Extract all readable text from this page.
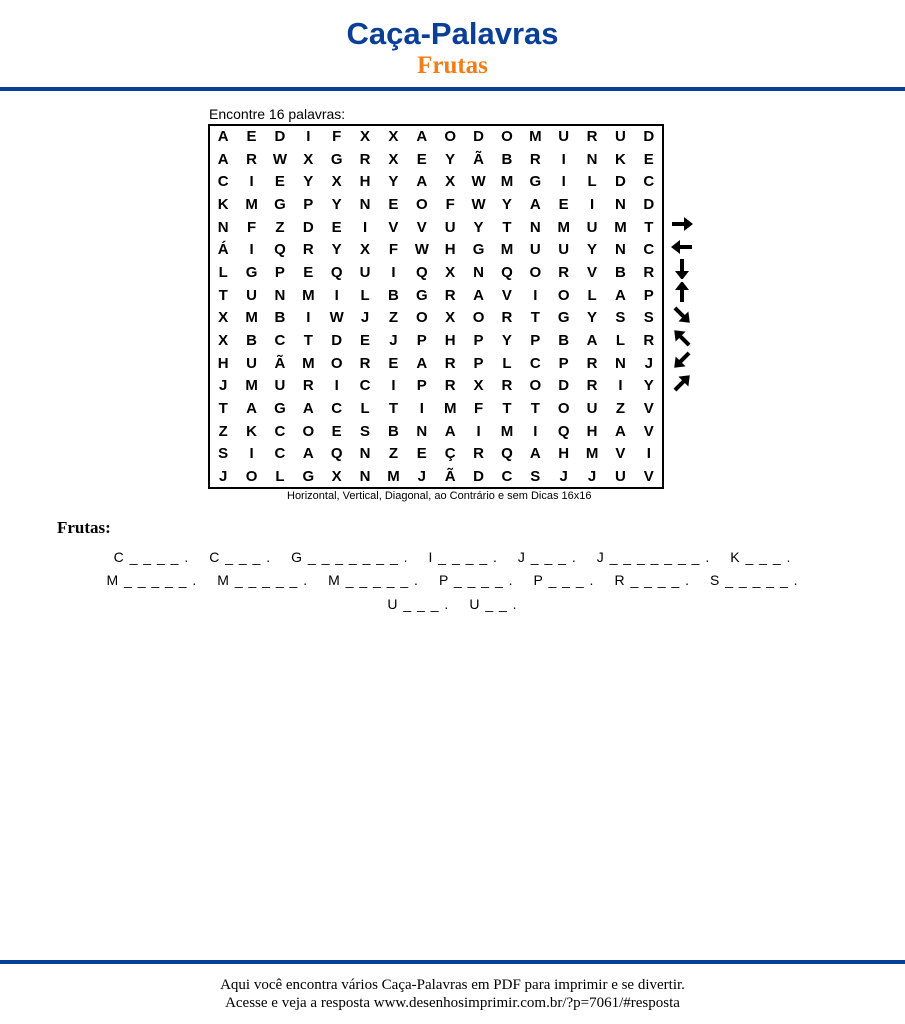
Caça-Palavras
Frutas
Encontre 16 palavras:
A	E	D	I	F	X	X	A	O	D	O	M	U	R	U	D
A	R	W	X	G	R	X	E	Y	Ã	B	R	I	N	K	E
C	I	E	Y	X	H	Y	A	X	W	M	G	I	L	D	C
K	M	G	P	Y	N	E	O	F	W	Y	A	E	I	N	D
N	F	Z	D	E	I	V	V	U	Y	T	N	M	U	M	T
Á	I	Q	R	Y	X	F	W	H	G	M	U	U	Y	N	C
L	G	P	E	Q	U	I	Q	X	N	Q	O	R	V	B	R
T	U	N	M	I	L	B	G	R	A	V	I	O	L	A	P
X	M	B	I	W	J	Z	O	X	O	R	T	G	Y	S	S
X	B	C	T	D	E	J	P	H	P	Y	P	B	A	L	R
H	U	Ã	M	O	R	E	A	R	P	L	C	P	R	N	J
J	M	U	R	I	C	I	P	R	X	R	O	D	R	I	Y
T	A	G	A	C	L	T	I	M	F	T	T	O	U	Z	V
Z	K	C	O	E	S	B	N	A	I	M	I	Q	H	A	V
S	I	C	A	Q	N	Z	E	Ç	R	Q	A	H	M	V	I
J	O	L	G	X	N	M	J	Ã	D	C	S	J	J	U	V
Horizontal, Vertical, Diagonal, ao Contrário e sem Dicas 16x16
Frutas:
C _ _ _ _ . C _ _ _ . G _ _ _ _ _ _ _ . I _ _ _ _ . J _ _ _ . J _ _ _ _ _ _ _ . K _ _ _ .
M _ _ _ _ _ . M _ _ _ _ _ . M _ _ _ _ _ . P _ _ _ _ . P _ _ _ . R _ _ _ _ . S _ _ _ _ _ .
U _ _ _ . U _ _ .
Aqui você encontra vários Caça-Palavras em PDF para imprimir e se divertir.
Acesse e veja a resposta www.desenhosimprimir.com.br/?p=7061/#resposta
